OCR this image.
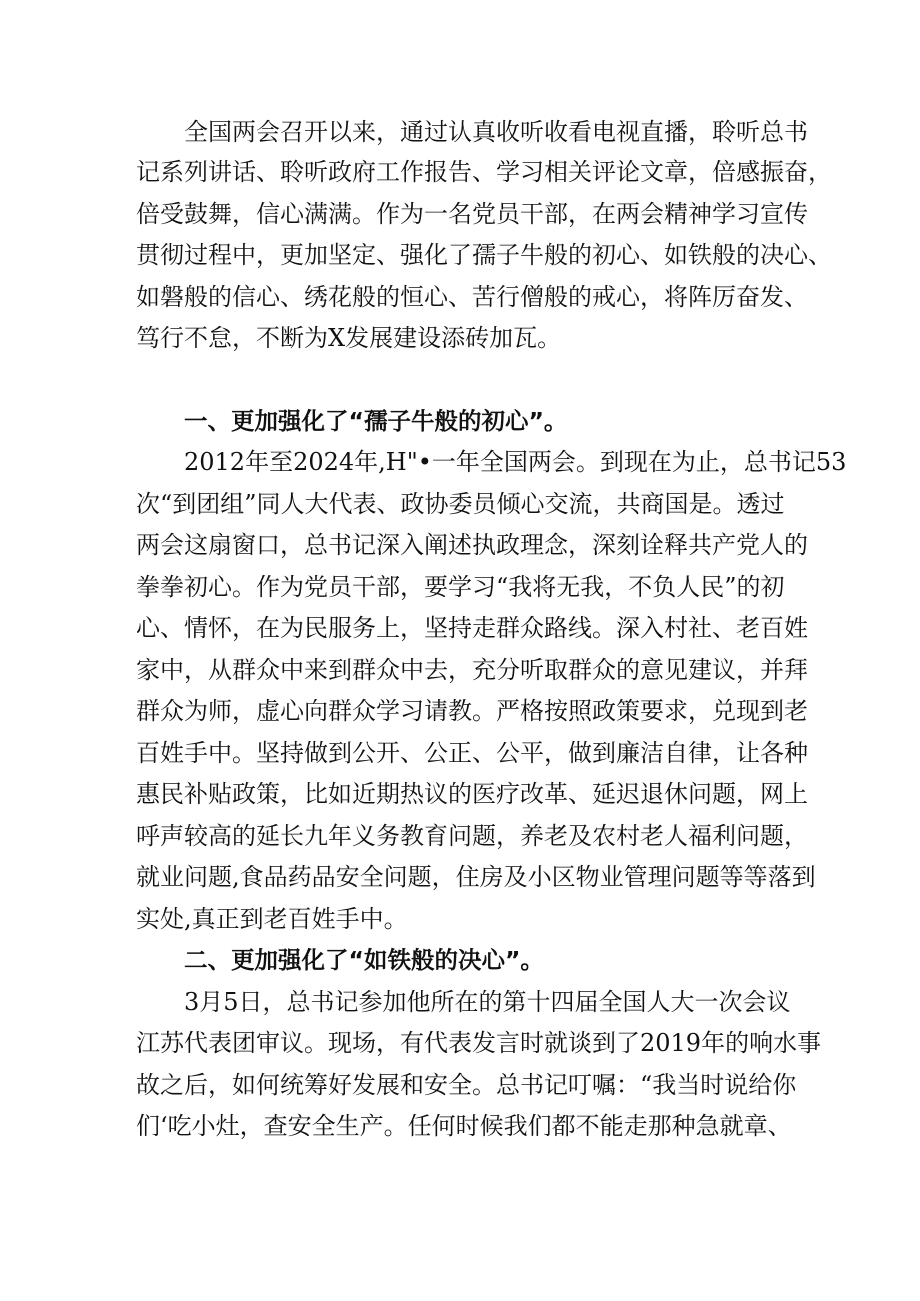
全国两会召开以来，通过认真收听收看电视直播，聆听总书
记系列讲话、聆听政府工作报告、学习相关评论文章，倍感振奋，
倍受鼓舞，信心满满。作为一名党员干部，在两会精神学习宣传
贯彻过程中，更加坚定、强化了孺子牛般的初心、如铁般的决心、
如磐般的信心、绣花般的恒心、苦行僧般的戒心，将阵厉奋发、
笃行不怠，不断为X发展建设添砖加瓦。
一、更加强化了“孺子牛般的初心”。
2012年至2024年,H"•一年全国两会。到现在为止，总书记53
次“到团组”同人大代表、政协委员倾心交流，共商国是。透过
两会这扇窗口，总书记深入阐述执政理念，深刻诠释共产党人的
拳拳初心。作为党员干部，要学习“我将无我，不负人民”的初
心、情怀，在为民服务上，坚持走群众路线。深入村社、老百姓
家中，从群众中来到群众中去，充分听取群众的意见建议，并拜
群众为师，虚心向群众学习请教。严格按照政策要求，兑现到老
百姓手中。坚持做到公开、公正、公平，做到廉洁自律，让各种
惠民补贴政策，比如近期热议的医疗改革、延迟退休问题，网上
呼声较高的延长九年义务教育问题，养老及农村老人福利问题，
就业问题,食品药品安全问题，住房及小区物业管理问题等等落到
实处,真正到老百姓手中。
二、更加强化了“如铁般的决心”。
3月5日，总书记参加他所在的第十四届全国人大一次会议
江苏代表团审议。现场，有代表发言时就谈到了2019年的响水事
故之后，如何统筹好发展和安全。总书记叮嘱：“我当时说给你
们‘吃小灶，查安全生产。任何时候我们都不能走那种急就章、
